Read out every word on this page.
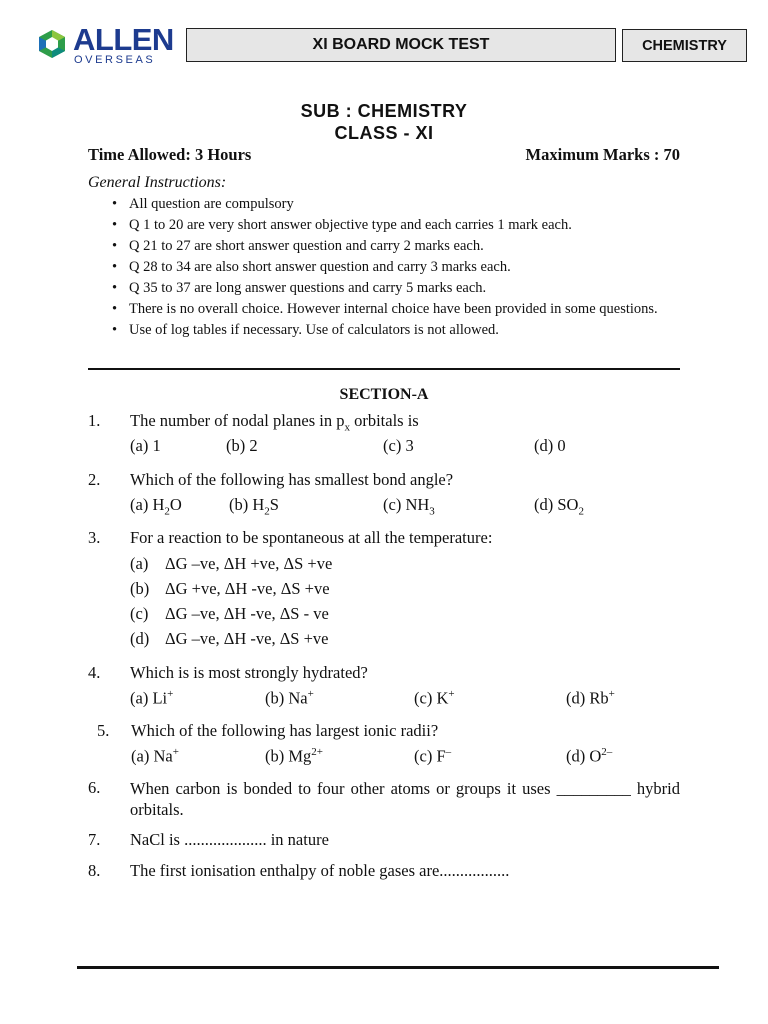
ALLEN
OVERSEAS
XI BOARD MOCK TEST	CHEMISTRY
SUB : CHEMISTRY
CLASS - XI
Time Allowed: 3 Hours	Maximum Marks : 70
General Instructions:
• All question are compulsory
• Q 1 to 20 are very short answer objective type and each carries 1 mark each.
• Q 21 to 27 are short answer question and carry 2 marks each.
• Q 28 to 34 are also short answer question and carry 3 marks each.
• Q 35 to 37 are long answer questions and carry 5 marks each.
• There is no overall choice. However internal choice have been provided in some questions.
• Use of log tables if necessary. Use of calculators is not allowed.
SECTION-A
1. The number of nodal planes in $p_x$ orbitals is
(a) 1	(b) 2	(c) 3	(d) 0
2. Which of the following has smallest bond angle?
(a) $H_2O$	(b) $H_2S$	(c) $NH_3$	(d) $SO_2$
3. For a reaction to be spontaneous at all the temperature:
(a) ΔG –ve, ΔH +ve, ΔS +ve
(b) ΔG +ve, ΔH -ve, ΔS +ve
(c) ΔG –ve, ΔH -ve, ΔS - ve
(d) ΔG –ve, ΔH -ve, ΔS +ve
4. Which is is most strongly hydrated?
(a) Li+	(b) Na+	(c) K+	(d) Rb+
5. Which of the following has largest ionic radii?
(a) Na+	(b) $Mg^{2+}$	(c) F–	(d) $O^{2-}$
6. When carbon is bonded to four other atoms or groups it uses _________ hybrid orbitals.
7. NaCl is .................... in nature
8. The first ionisation enthalpy of noble gases are.................
